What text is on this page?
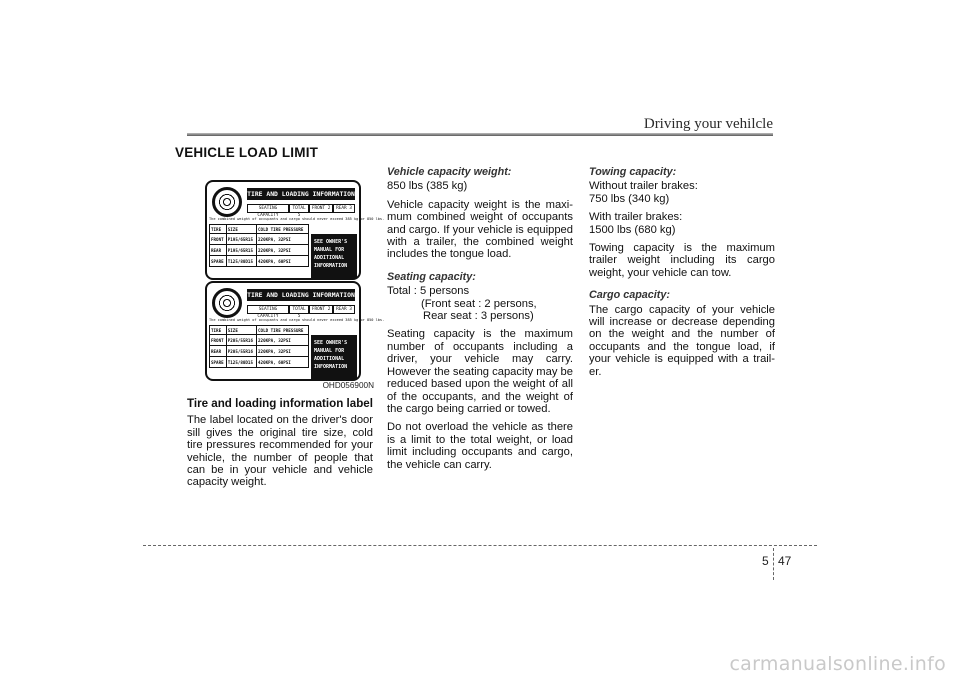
Driving your vehilcle
VEHICLE LOAD LIMIT
TIRE AND LOADING INFORMATION
SEATING CAPACITY
TOTAL 5
FRONT 2	REAR 3
The combined weight of occupants and cargo should never exceed 385 kg or 850 lbs.
TIRE	SIZE	COLD TIRE PRESSURE
FRONT	P195/65R15	220KPA, 32PSI
REAR	P195/65R15	220KPA, 32PSI
SPARE	T125/80D15	420KPA, 60PSI
SEE OWNER'S
MANUAL FOR
ADDITIONAL
INFORMATION
TIRE AND LOADING INFORMATION
SEATING CAPACITY
TOTAL 5
FRONT 2	REAR 3
The combined weight of occupants and cargo should never exceed 385 kg or 850 lbs.
TIRE	SIZE	COLD TIRE PRESSURE
FRONT	P205/55R16	220KPA, 32PSI
REAR	P205/55R16	220KPA, 32PSI
SPARE	T125/80D15	420KPA, 60PSI
SEE OWNER'S
MANUAL FOR
ADDITIONAL
INFORMATION
OHD056900N
Tire and loading information label

The label located on the driver's door sill gives the original tire size, cold tire pressures recommended for your vehicle, the number of people that can be in your vehicle and vehicle capacity weight.

Vehicle capacity weight:

850 lbs (385 kg)

Vehicle capacity weight is the maxi-mum combined weight of occupants and cargo. If your vehicle is equipped with a trailer, the combined weight includes the tongue load.

Seating capacity:
Total : 5 persons
(Front seat : 2 persons,

Rear seat : 3 persons)

Seating capacity is the maximum number of occupants including a driver, your vehicle may carry. However the seating capacity may be reduced based upon the weight of all of the occupants, and the weight of the cargo being carried or towed.

Do not overload the vehicle as there is a limit to the total weight, or load limit including occupants and cargo, the vehicle can carry.

Towing capacity:
Without trailer brakes:

750 lbs (340 kg)

With trailer brakes:

1500 lbs (680 kg)

Towing capacity is the maximum trailer weight including its cargo weight, your vehicle can tow.

Cargo capacity:

The cargo capacity of your vehicle will increase or decrease depending on the weight and the number of occupants and the tongue load, if your vehicle is equipped with a trail-er.

5 47
carmanualsonline.info
